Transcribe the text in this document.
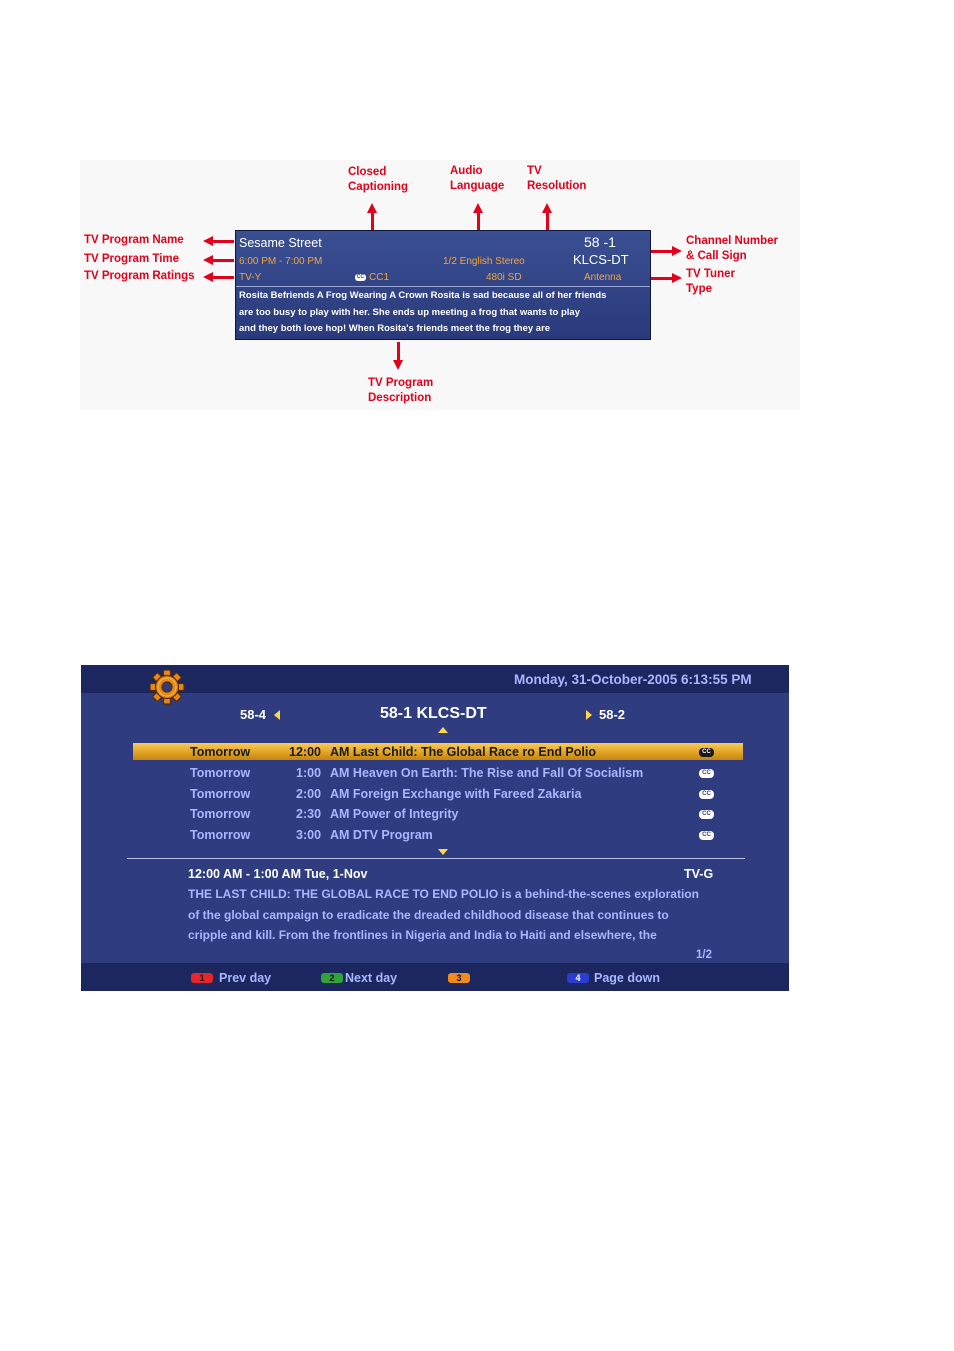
Closed
Captioning
Audio
Language
TV
Resolution
TV Program Name
TV Program Time
TV Program Ratings
Channel Number
& Call Sign
TV Tuner
Type
TV Program
Description
Sesame Street
6:00 PM - 7:00 PM	1/2 English Stereo
58 -1
KLCS-DT
TV-Y	CC CC1	480i SD	Antenna
Rosita Befriends A Frog Wearing A Crown Rosita is sad because all of her friends
are too busy to play with her. She ends up meeting a frog that wants to play
and they both love hop! When Rosita's friends meet the frog they are
Monday, 31-October-2005 6:13:55 PM
58-4	58-1 KLCS-DT	58-2
Tomorrow	12:00 AM Last Child: The Global Race ro End Polio	CC
Tomorrow	1:00 AM Heaven On Earth: The Rise and Fall Of Socialism	CC
Tomorrow	2:00 AM Foreign Exchange with Fareed Zakaria	CC
Tomorrow	2:30 AM Power of Integrity	CC
Tomorrow	3:00 AM DTV Program	CC
12:00 AM - 1:00 AM Tue, 1-Nov	TV-G
THE LAST CHILD: THE GLOBAL RACE TO END POLIO is a behind-the-scenes exploration
of the global campaign to eradicate the dreaded childhood disease that continues to
cripple and kill. From the frontlines in Nigeria and India to Haiti and elsewhere, the
1/2
1	Prev day	2 Next day	3	4	Page down
